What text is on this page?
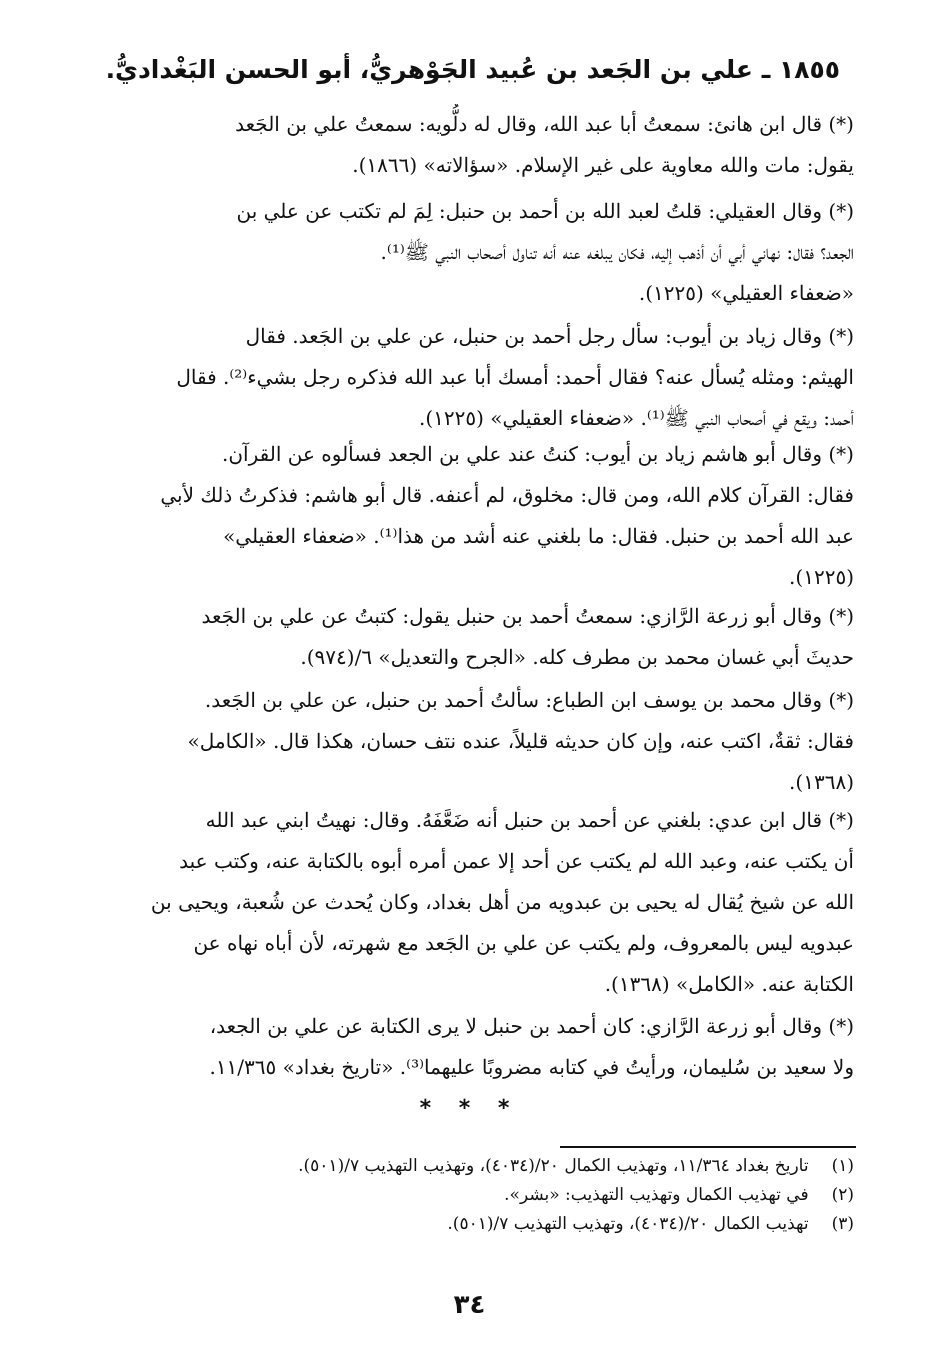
١٨٥٥ ـ علي بن الجَعد بن عُبيد الجَوْهريُّ، أبو الحسن البَغْداديُّ.
(*) قال ابن هانئ: سمعتُ أبا عبد الله، وقال له دلُّويه: سمعتُ علي بن الجَعد
يقول: مات والله معاوية على غير الإسلام. «سؤالاته» (١٨٦٦).
(*) وقال العقيلي: قلتُ لعبد الله بن أحمد بن حنبل: لِمَ لم تكتب عن علي بن
الجعد؟ فقال: نهاني أبي أن أذهب إليه، فكان يبلغه عنه أنه تناول أصحاب النبي ﷺ⁽¹⁾.
«ضعفاء العقيلي» (١٢٢٥).
(*) وقال زياد بن أيوب: سأل رجل أحمد بن حنبل، عن علي بن الجَعد. فقال
الهيثم: ومثله يُسأل عنه؟ فقال أحمد: أمسك أبا عبد الله فذكره رجل بشيء⁽²⁾. فقال
أحمد: ويقع في أصحاب النبي ﷺ⁽¹⁾. «ضعفاء العقيلي» (١٢٢٥).
(*) وقال أبو هاشم زياد بن أيوب: كنتُ عند علي بن الجعد فسألوه عن القرآن.
فقال: القرآن كلام الله، ومن قال: مخلوق، لم أعنفه. قال أبو هاشم: فذكرتُ ذلك لأبي
عبد الله أحمد بن حنبل. فقال: ما بلغني عنه أشد من هذا⁽¹⁾. «ضعفاء العقيلي»
(١٢٢٥).
(*) وقال أبو زرعة الرَّازي: سمعتُ أحمد بن حنبل يقول: كتبتُ عن علي بن الجَعد
حديثَ أبي غسان محمد بن مطرف كله. «الجرح والتعديل» ٦/(٩٧٤).
(*) وقال محمد بن يوسف ابن الطباع: سألتُ أحمد بن حنبل، عن علي بن الجَعد.
فقال: ثقةٌ، اكتب عنه، وإن كان حديثه قليلاً، عنده نتف حسان، هكذا قال. «الكامل»
(١٣٦٨).
(*) قال ابن عدي: بلغني عن أحمد بن حنبل أنه ضَعَّفَهُ. وقال: نهيتُ ابني عبد الله
أن يكتب عنه، وعبد الله لم يكتب عن أحد إلا عمن أمره أبوه بالكتابة عنه، وكتب عبد
الله عن شيخ يُقال له يحيى بن عبدويه من أهل بغداد، وكان يُحدث عن شُعبة، ويحيى بن
عبدويه ليس بالمعروف، ولم يكتب عن علي بن الجَعد مع شهرته، لأن أباه نهاه عن
الكتابة عنه. «الكامل» (١٣٦٨).
(*) وقال أبو زرعة الرَّازي: كان أحمد بن حنبل لا يرى الكتابة عن علي بن الجعد،
ولا سعيد بن سُليمان، ورأيتُ في كتابه مضروبًا عليهما⁽³⁾. «تاريخ بغداد» ١١/٣٦٥.
* * *
(١) تاريخ بغداد ١١/٣٦٤، وتهذيب الكمال ٢٠/(٤٠٣٤)، وتهذيب التهذيب ٧/(٥٠١).
(٢) في تهذيب الكمال وتهذيب التهذيب: «بشر».
(٣) تهذيب الكمال ٢٠/(٤٠٣٤)، وتهذيب التهذيب ٧/(٥٠١).
٣٤
